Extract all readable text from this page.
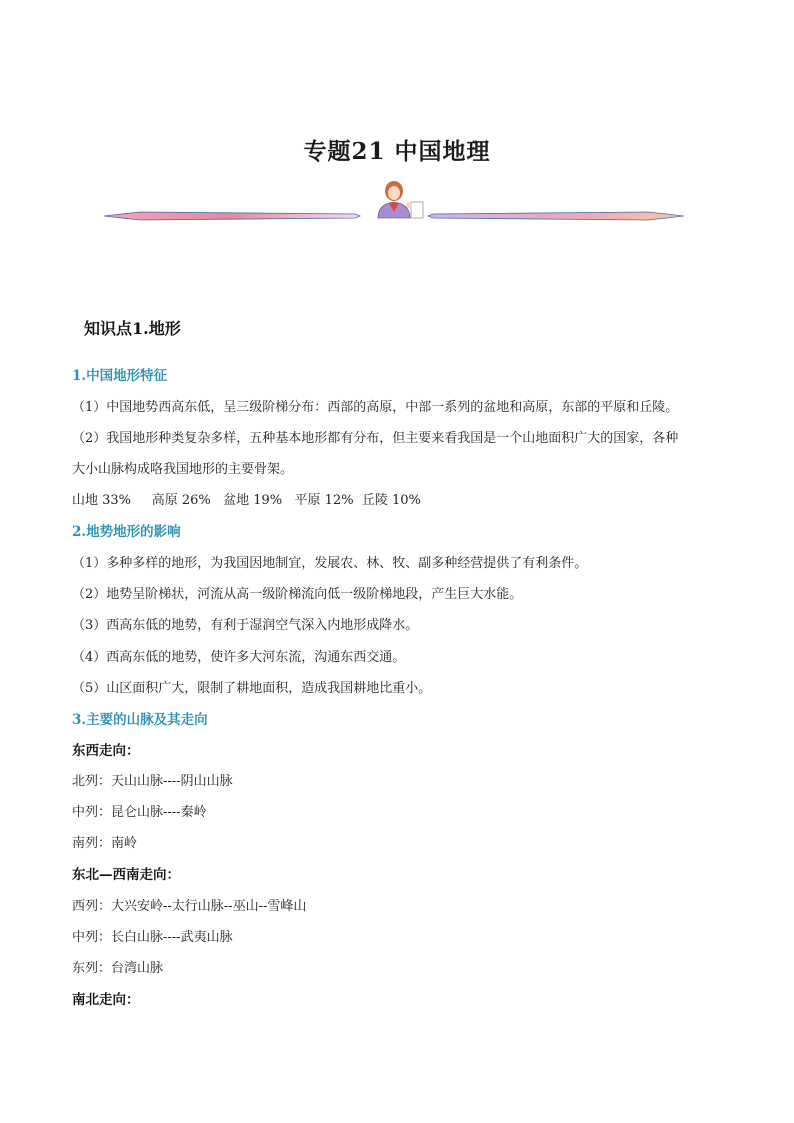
专题21 中国地理
知识点1.地形
1.中国地形特征
（1）中国地势西高东低，呈三级阶梯分布：西部的高原，中部一系列的盆地和高原，东部的平原和丘陵。
（2）我国地形种类复杂多样，五种基本地形都有分布，但主要来看我国是一个山地面积广大的国家，各种
大小山脉构成咯我国地形的主要骨架。
山地 33%     高原 26%   盆地 19%   平原 12%  丘陵 10%
2.地势地形的影响
（1）多种多样的地形，为我国因地制宜，发展农、林、牧、副多种经营提供了有利条件。
（2）地势呈阶梯状，河流从高一级阶梯流向低一级阶梯地段，产生巨大水能。
（3）西高东低的地势，有利于湿润空气深入内地形成降水。
（4）西高东低的地势，使许多大河东流，沟通东西交通。
（5）山区面积广大，限制了耕地面积，造成我国耕地比重小。
3.主要的山脉及其走向
东西走向：
北列：天山山脉----阴山山脉
中列：昆仑山脉----秦岭
南列：南岭
东北—西南走向：
西列：大兴安岭--太行山脉--巫山--雪峰山
中列：长白山脉----武夷山脉
东列：台湾山脉
南北走向：
